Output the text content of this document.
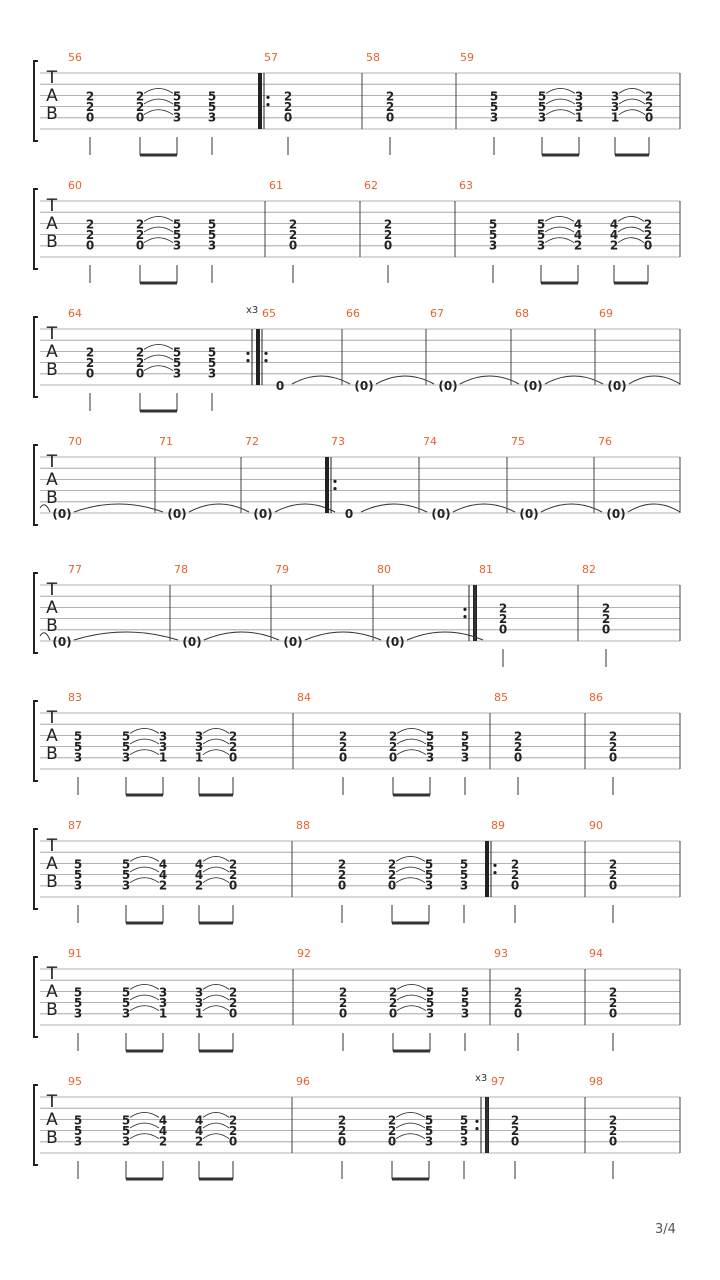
T
A
B
56
2
2
0
2
2
0
5
5
3
5
5
3
57
2
2
0
58
2
2
0
59
5
5
3
5
5
3
3
3
1
3
3
1
2
2
0
T
A
B
60
2
2
0
2
2
0
5
5
3
5
5
3
61
2
2
0
62
2
2
0
63
5
5
3
5
5
3
4
4
2
4
4
2
2
2
0
T
A
B
64	x3
2
2
0
2
2
0
5
5
3
5
5
3
65
0
66
(0)
67
(0)
68
(0)
69
(0)
T
A
B
70
(0)
71
(0)
72
(0)
73
0
74
(0)
75
(0)
76
(0)
T
A
B
77
(0)
78
(0)
79
(0)
80
(0)
81
2
2
0
82
2
2
0
T
A
B
83
5
5
3
5
5
3
3
3
1
3
3
1
2
2
0
84
2
2
0
2
2
0
5
5
3
5
5
3
85
2
2
0
86
2
2
0
T
A
B
87
5
5
3
5
5
3
4
4
2
4
4
2
2
2
0
88
2
2
0
2
2
0
5
5
3
5
5
3
89
2
2
0
90
2
2
0
T
A
B
91
5
5
3
5
5
3
3
3
1
3
3
1
2
2
0
92
2
2
0
2
2
0
5
5
3
5
5
3
93
2
2
0
94
2
2
0
T
A
B
95
5
5
3
5
5
3
4
4
2
4
4
2
2
2
0
96	x3
2
2
0
2
2
0
5
5
3
5
5
3
97
2
2
0
98
2
2
0
3/4
